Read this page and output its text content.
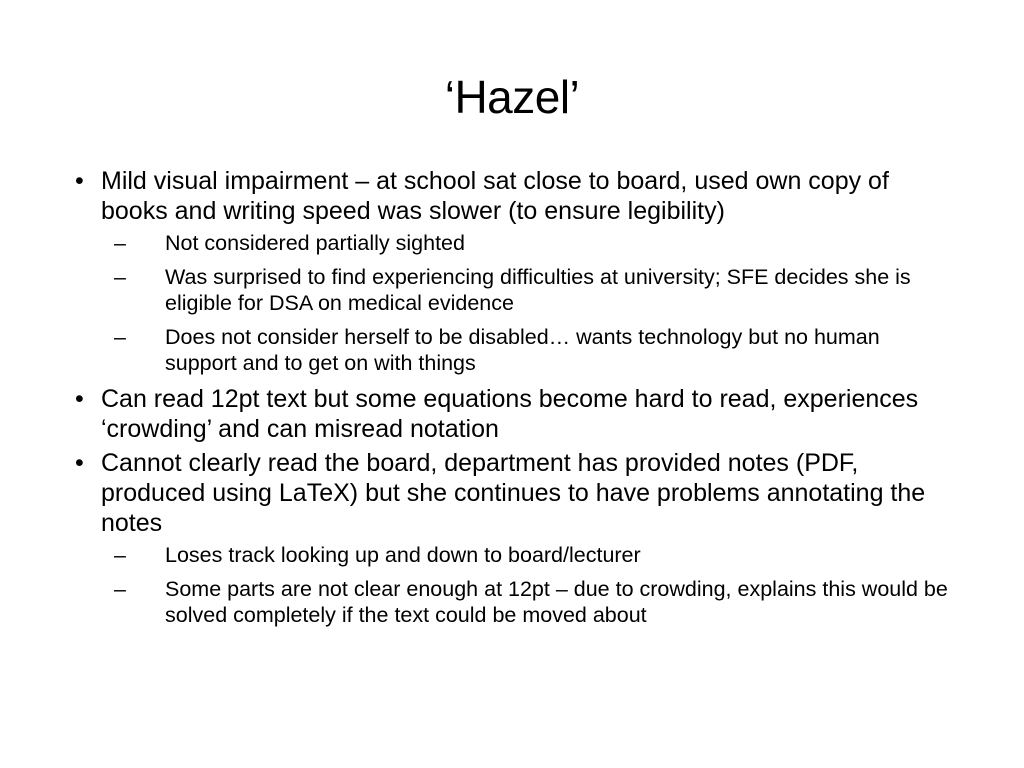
‘Hazel’
• Mild visual impairment – at school sat close to board, used own copy of books and writing speed was slower (to ensure legibility)
– Not considered partially sighted
– Was surprised to find experiencing difficulties at university; SFE decides she is eligible for DSA on medical evidence
– Does not consider herself to be disabled… wants technology but no human support and to get on with things
• Can read 12pt text but some equations become hard to read, experiences ‘crowding’ and can misread notation
• Cannot clearly read the board, department has provided notes (PDF, produced using LaTeX) but she continues to have problems annotating the notes
– Loses track looking up and down to board/lecturer
– Some parts are not clear enough at 12pt – due to crowding, explains this would be solved completely if the text could be moved about
